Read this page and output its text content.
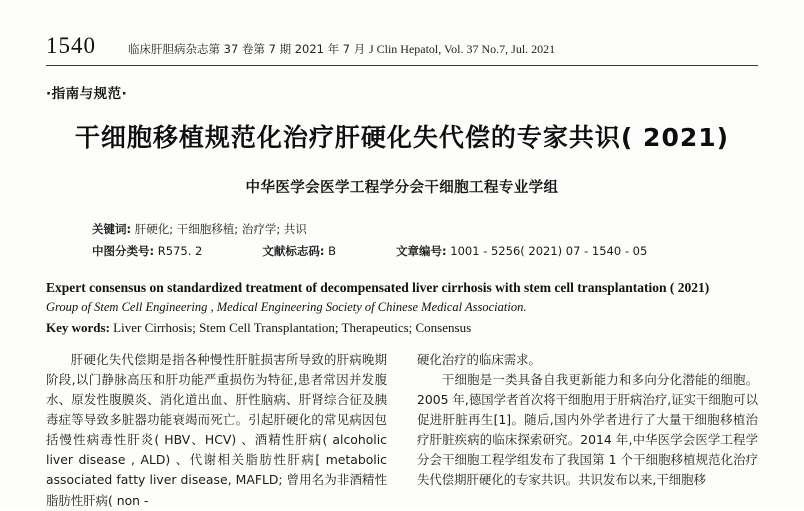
1540	临床肝胆病杂志第 37 卷第 7 期 2021 年 7 月 J Clin Hepatol, Vol. 37 No.7, Jul. 2021
·指南与规范·
干细胞移植规范化治疗肝硬化失代偿的专家共识( 2021)
中华医学会医学工程学分会干细胞工程专业学组
关键词: 肝硬化; 干细胞移植; 治疗学; 共识
中图分类号: R575. 2	文献标志码: B	文章编号: 1001 - 5256( 2021) 07 - 1540 - 05
Expert consensus on standardized treatment of decompensated liver cirrhosis with stem cell transplantation ( 2021)
Group of Stem Cell Engineering , Medical Engineering Society of Chinese Medical Association.
Key words: Liver Cirrhosis; Stem Cell Transplantation; Therapeutics; Consensus

肝硬化失代偿期是指各种慢性肝脏损害所导致的肝病晚期阶段,以门静脉高压和肝功能严重损伤为特征,患者常因并发腹水、原发性腹膜炎、消化道出血、肝性脑病、肝肾综合征及胰毒症等导致多脏器功能衰竭而死亡。引起肝硬化的常见病因包括慢性病毒性肝炎( HBV、HCV) 、酒精性肝病( alcoholic liver disease , ALD) 、代谢相关脂肪性肝病[ metabolic associated fatty liver disease, MAFLD; 曾用名为非酒精性脂肪性肝病( non -

硬化治疗的临床需求。

干细胞是一类具备自我更新能力和多向分化潜能的细胞。2005 年,德国学者首次将干细胞用于肝病治疗,证实干细胞可以促进肝脏再生[1]。随后,国内外学者进行了大量干细胞移植治疗肝脏疾病的临床探索研究。2014 年,中华医学会医学工程学分会干细胞工程学组发布了我国第 1 个干细胞移植规范化治疗失代偿期肝硬化的专家共识。共识发布以来,干细胞移
